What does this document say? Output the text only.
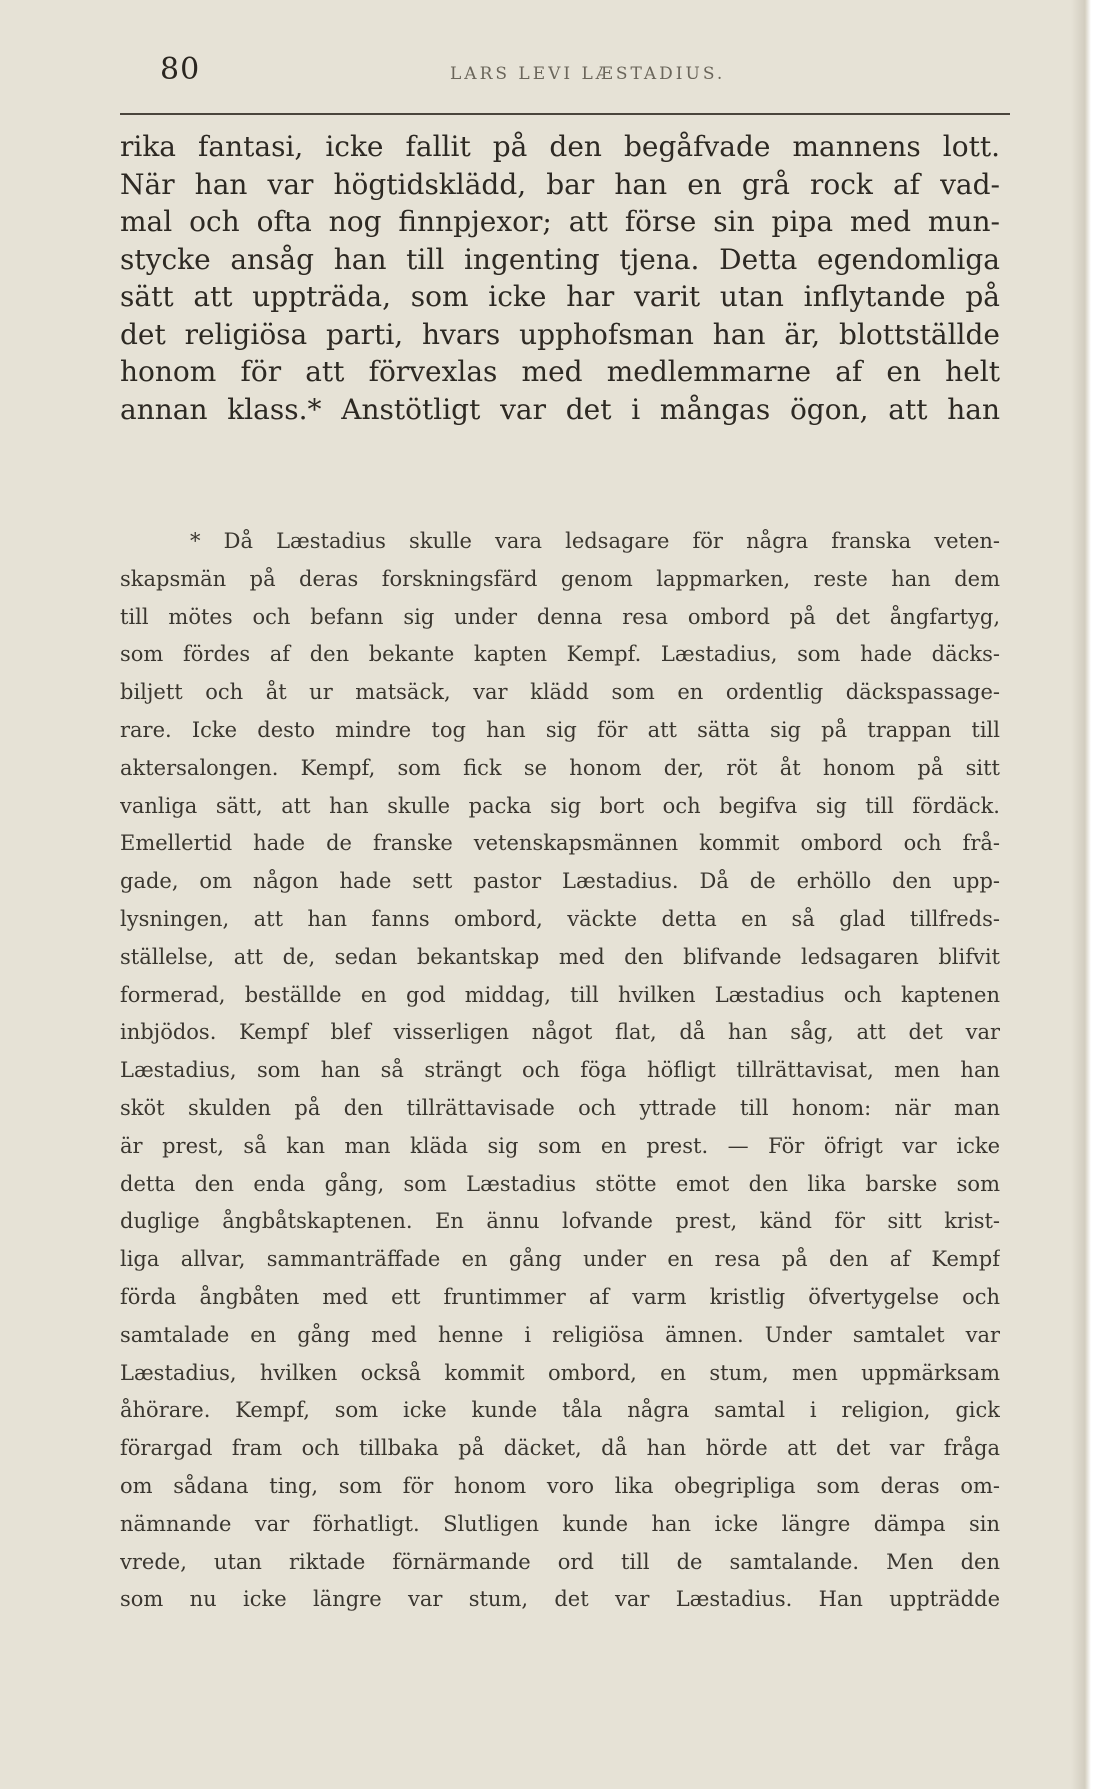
80	LARS LEVI LÆSTADIUS.
rika fantasi, icke fallit på den begåfvade mannens lott.
När han var högtidsklädd, bar han en grå rock af vad-
mal och ofta nog finnpjexor; att förse sin pipa med mun-
stycke ansåg han till ingenting tjena. Detta egendomliga
sätt att uppträda, som icke har varit utan inflytande på
det religiösa parti, hvars upphofsman han är, blottställde
honom för att förvexlas med medlemmarne af en helt
annan klass.* Anstötligt var det i mångas ögon, att han
* Då Læstadius skulle vara ledsagare för några franska veten-
skapsmän på deras forskningsfärd genom lappmarken, reste han dem
till mötes och befann sig under denna resa ombord på det ångfartyg,
som fördes af den bekante kapten Kempf. Læstadius, som hade däcks-
biljett och åt ur matsäck, var klädd som en ordentlig däckspassage-
rare. Icke desto mindre tog han sig för att sätta sig på trappan till
aktersalongen. Kempf, som fick se honom der, röt åt honom på sitt
vanliga sätt, att han skulle packa sig bort och begifva sig till fördäck.
Emellertid hade de franske vetenskapsmännen kommit ombord och frå-
gade, om någon hade sett pastor Læstadius. Då de erhöllo den upp-
lysningen, att han fanns ombord, väckte detta en så glad tillfreds-
ställelse, att de, sedan bekantskap med den blifvande ledsagaren blifvit
formerad, beställde en god middag, till hvilken Læstadius och kaptenen
inbjödos. Kempf blef visserligen något flat, då han såg, att det var
Læstadius, som han så strängt och föga höfligt tillrättavisat, men han
sköt skulden på den tillrättavisade och yttrade till honom: när man
är prest, så kan man kläda sig som en prest. — För öfrigt var icke
detta den enda gång, som Læstadius stötte emot den lika barske som
duglige ångbåtskaptenen. En ännu lofvande prest, känd för sitt krist-
liga allvar, sammanträffade en gång under en resa på den af Kempf
förda ångbåten med ett fruntimmer af varm kristlig öfvertygelse och
samtalade en gång med henne i religiösa ämnen. Under samtalet var
Læstadius, hvilken också kommit ombord, en stum, men uppmärksam
åhörare. Kempf, som icke kunde tåla några samtal i religion, gick
förargad fram och tillbaka på däcket, då han hörde att det var fråga
om sådana ting, som för honom voro lika obegripliga som deras om-
nämnande var förhatligt. Slutligen kunde han icke längre dämpa sin
vrede, utan riktade förnärmande ord till de samtalande. Men den
som nu icke längre var stum, det var Læstadius. Han uppträdde
